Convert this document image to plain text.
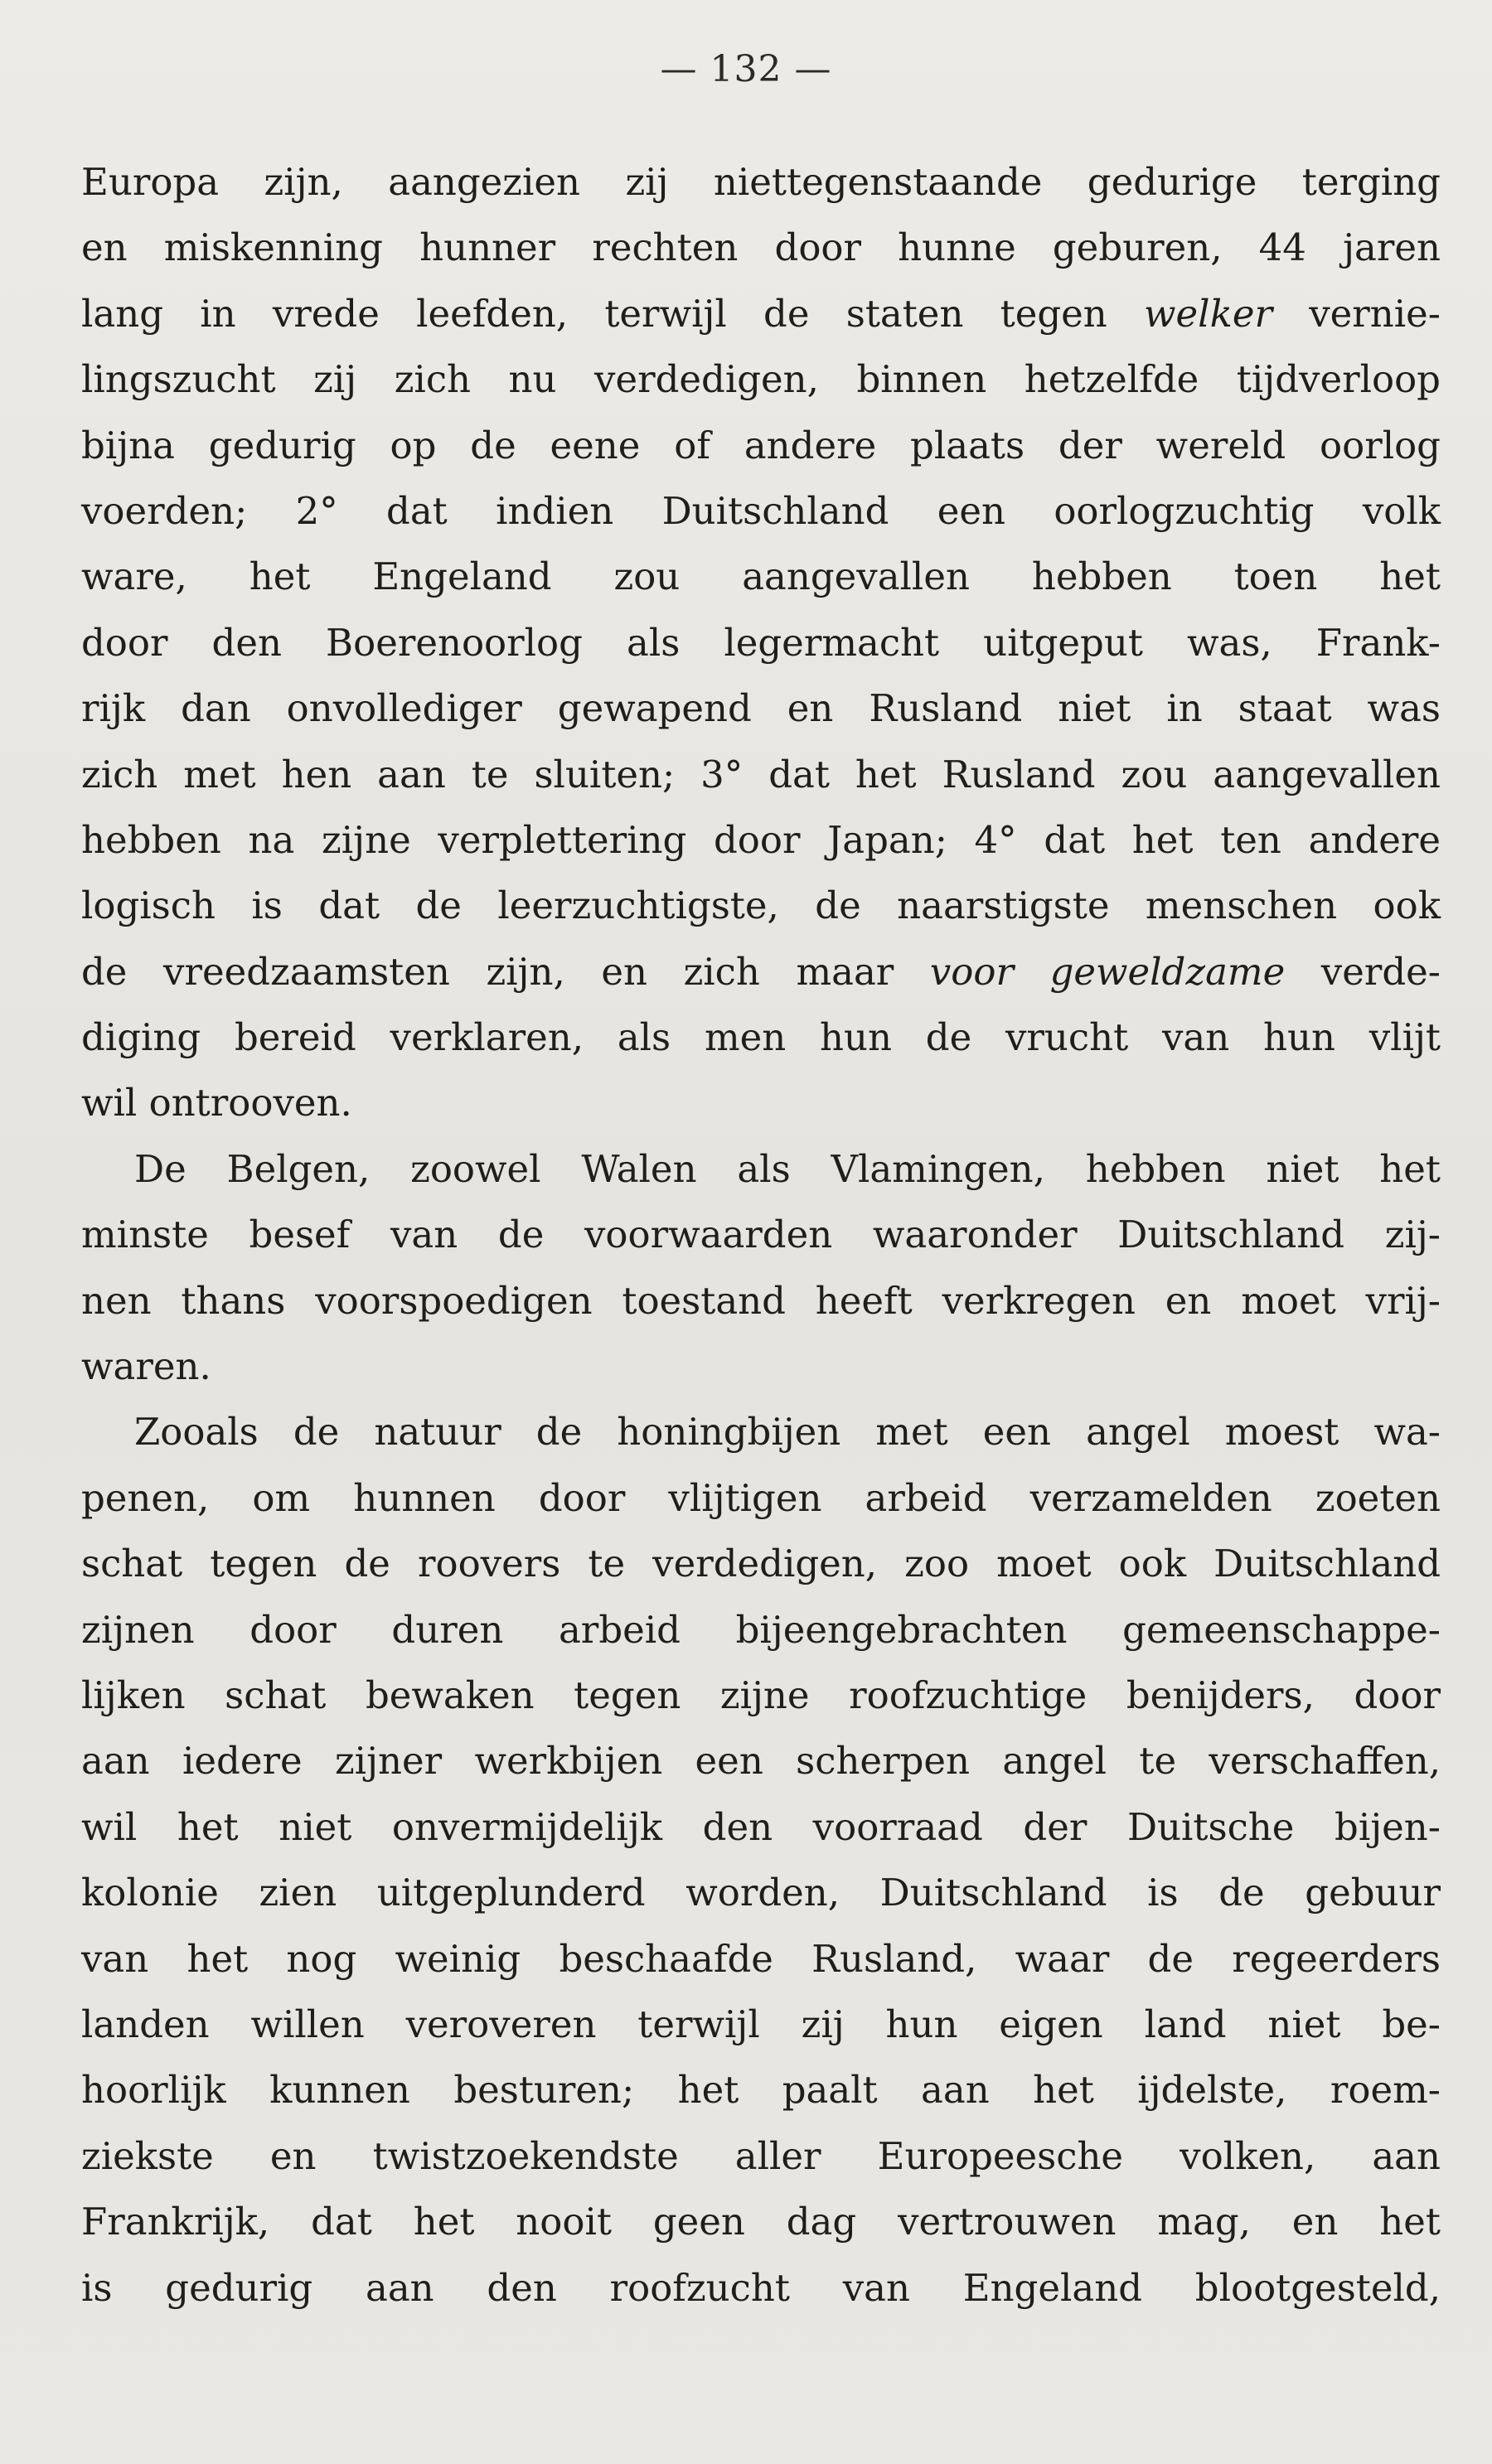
— 132 —
Europa zijn, aangezien zij niettegenstaande gedurige terging
en miskenning hunner rechten door hunne geburen, 44 jaren
lang in vrede leefden, terwijl de staten tegen welker vernie-
lingszucht zij zich nu verdedigen, binnen hetzelfde tijdverloop
bijna gedurig op de eene of andere plaats der wereld oorlog
voerden; 2° dat indien Duitschland een oorlogzuchtig volk
ware, het Engeland zou aangevallen hebben toen het
door den Boerenoorlog als legermacht uitgeput was, Frank-
rijk dan onvollediger gewapend en Rusland niet in staat was
zich met hen aan te sluiten; 3° dat het Rusland zou aangevallen
hebben na zijne verplettering door Japan; 4° dat het ten andere
logisch is dat de leerzuchtigste, de naarstigste menschen ook
de vreedzaamsten zijn, en zich maar voor geweldzame verde-
diging bereid verklaren, als men hun de vrucht van hun vlijt
wil ontrooven.
De Belgen, zoowel Walen als Vlamingen, hebben niet het
minste besef van de voorwaarden waaronder Duitschland zij-
nen thans voorspoedigen toestand heeft verkregen en moet vrij-
waren.
Zooals de natuur de honingbijen met een angel moest wa-
penen, om hunnen door vlijtigen arbeid verzamelden zoeten
schat tegen de roovers te verdedigen, zoo moet ook Duitschland
zijnen door duren arbeid bijeengebrachten gemeenschappe-
lijken schat bewaken tegen zijne roofzuchtige benijders, door
aan iedere zijner werkbijen een scherpen angel te verschaffen,
wil het niet onvermijdelijk den voorraad der Duitsche bijen-
kolonie zien uitgeplunderd worden, Duitschland is de gebuur
van het nog weinig beschaafde Rusland, waar de regeerders
landen willen veroveren terwijl zij hun eigen land niet be-
hoorlijk kunnen besturen; het paalt aan het ijdelste, roem-
ziekste en twistzoekendste aller Europeesche volken, aan
Frankrijk, dat het nooit geen dag vertrouwen mag, en het
is gedurig aan den roofzucht van Engeland blootgesteld,
